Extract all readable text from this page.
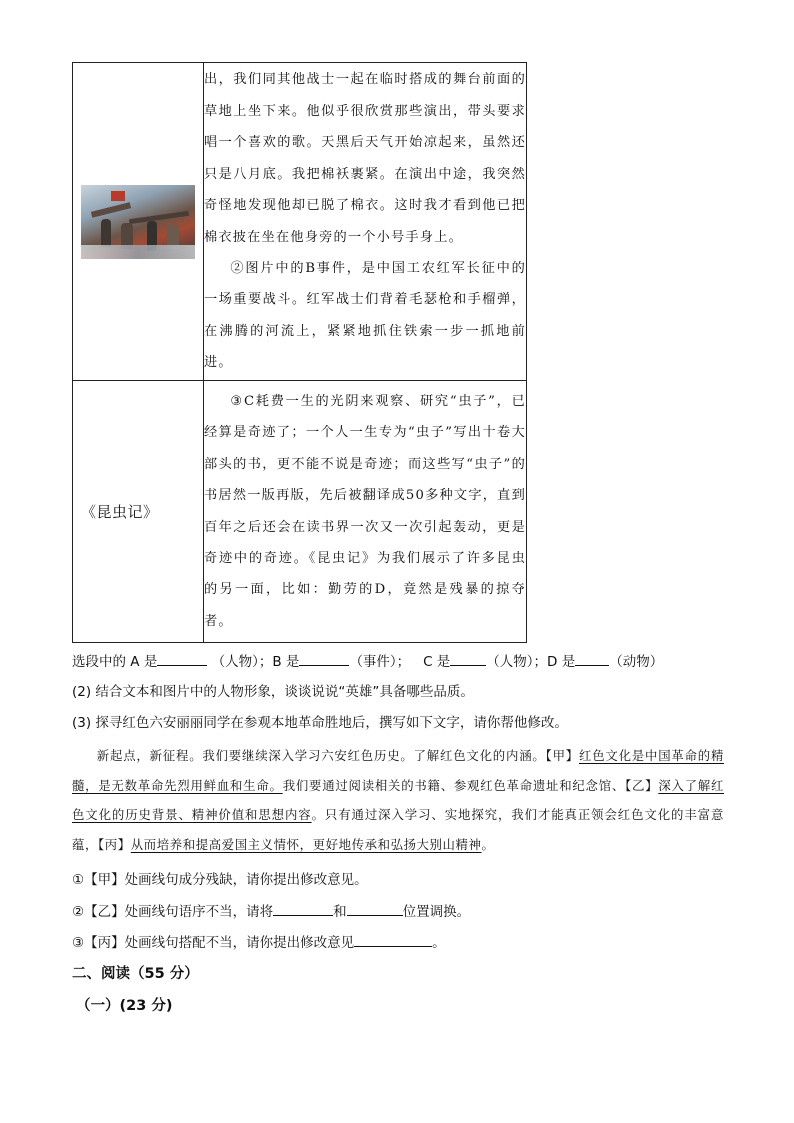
	出，我们同其他战士一起在临时搭成的舞台前面的草地上坐下来。他似乎很欣赏那些演出，带头要求唱一个喜欢的歌。天黑后天气开始凉起来，虽然还只是八月底。我把棉袄裹紧。在演出中途，我突然奇怪地发现他却已脱了棉衣。这时我才看到他已把棉衣披在坐在他身旁的一个小号手身上。

②图片中的B事件，是中国工农红军长征中的一场重要战斗。红军战士们背着毛瑟枪和手榴弹，在沸腾的河流上，紧紧地抓住铁索一步一抓地前进。

《昆虫记》	③C耗费一生的光阴来观察、研究“虫子”，已经算是奇迹了；一个人一生专为“虫子”写出十卷大部头的书，更不能不说是奇迹；而这些写“虫子”的书居然一版再版，先后被翻译成50多种文字，直到百年之后还会在读书界一次又一次引起轰动，更是奇迹中的奇迹。《昆虫记》为我们展示了许多昆虫的另一面，比如：勤劳的D，竟然是残暴的掠夺者。

选段中的 A 是	（人物）；B 是	（事件）； C 是	（人物）；D 是	（动物）
(2) 结合文本和图片中的人物形象，谈谈说说“英雄”具备哪些品质。
(3) 探寻红色六安丽丽同学在参观本地革命胜地后，撰写如下文字，请你帮他修改。

新起点，新征程。我们要继续深入学习六安红色历史。了解红色文化的内涵。【甲】红色文化是中国革命的精髓，是无数革命先烈用鲜血和生命。我们要通过阅读相关的书籍、参观红色革命遗址和纪念馆、【乙】深入了解红色文化的历史背景、精神价值和思想内容。只有通过深入学习、实地探究，我们才能真正领会红色文化的丰富意蕴，【丙】从而培养和提高爱国主义情怀，更好地传承和弘扬大别山精神。

①【甲】处画线句成分残缺，请你提出修改意见。
②【乙】处画线句语序不当，请将	和	位置调换。
③【丙】处画线句搭配不当，请你提出修改意见	。
二、阅读（55 分）
（一）(23 分)
